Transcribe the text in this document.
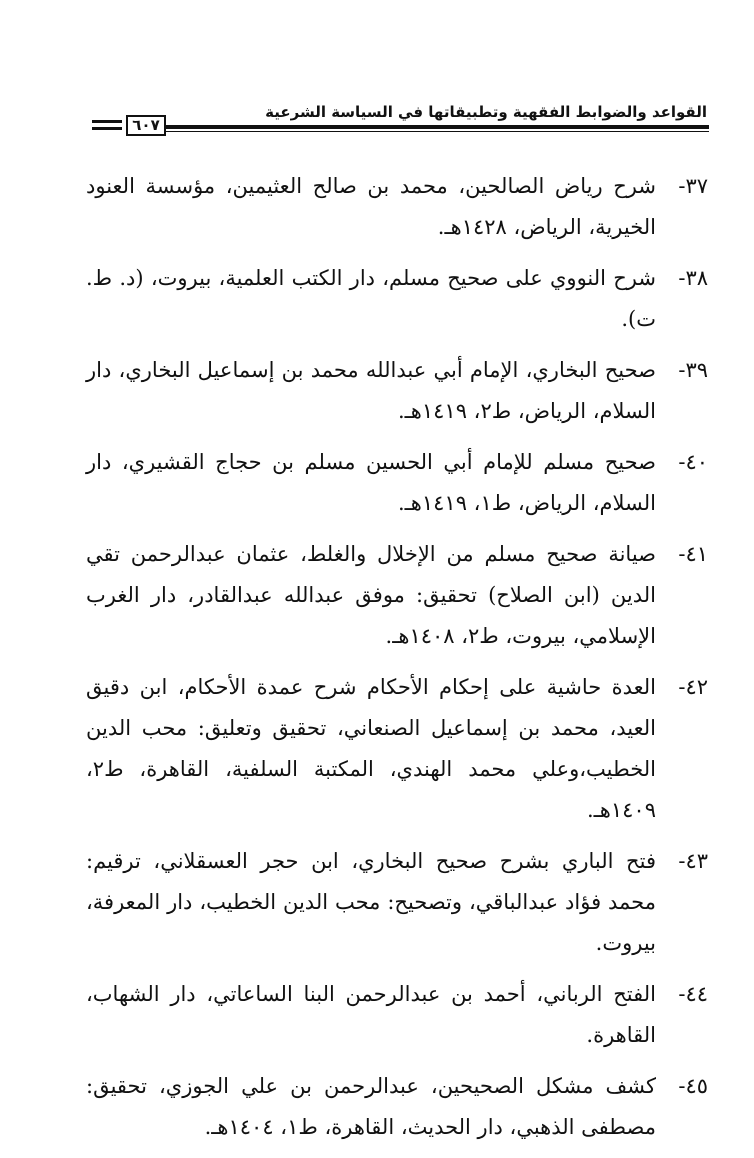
٦٠٧
القواعد والضوابط الفقهية وتطبيقاتها في السياسة الشرعية
٣٧-
شرح رياض الصالحين، محمد بن صالح العثيمين، مؤسسة العنود الخيرية، الرياض، ١٤٢٨هـ.
٣٨-
شرح النووي على صحيح مسلم، دار الكتب العلمية، بيروت، (د. ط. ت).
٣٩-
صحيح البخاري، الإمام أبي عبدالله محمد بن إسماعيل البخاري، دار السلام، الرياض، ط٢، ١٤١٩هـ.
٤٠-
صحيح مسلم للإمام أبي الحسين مسلم بن حجاج القشيري، دار السلام، الرياض، ط١، ١٤١٩هـ.
٤١-
صيانة صحيح مسلم من الإخلال والغلط، عثمان عبدالرحمن تقي الدين (ابن الصلاح) تحقيق: موفق عبدالله عبدالقادر، دار الغرب الإسلامي، بيروت، ط٢، ١٤٠٨هـ.
٤٢-
العدة حاشية على إحكام الأحكام شرح عمدة الأحكام، ابن دقيق العيد، محمد بن إسماعيل الصنعاني، تحقيق وتعليق: محب الدين الخطيب،وعلي محمد الهندي، المكتبة السلفية، القاهرة، ط٢، ١٤٠٩هـ.
٤٣-
فتح الباري بشرح صحيح البخاري، ابن حجر العسقلاني، ترقيم: محمد فؤاد عبدالباقي، وتصحيح: محب الدين الخطيب، دار المعرفة، بيروت.
٤٤-
الفتح الرباني، أحمد بن عبدالرحمن البنا الساعاتي، دار الشهاب، القاهرة.
٤٥-
كشف مشكل الصحيحين، عبدالرحمن بن علي الجوزي، تحقيق: مصطفى الذهبي، دار الحديث، القاهرة، ط١، ١٤٠٤هـ.
